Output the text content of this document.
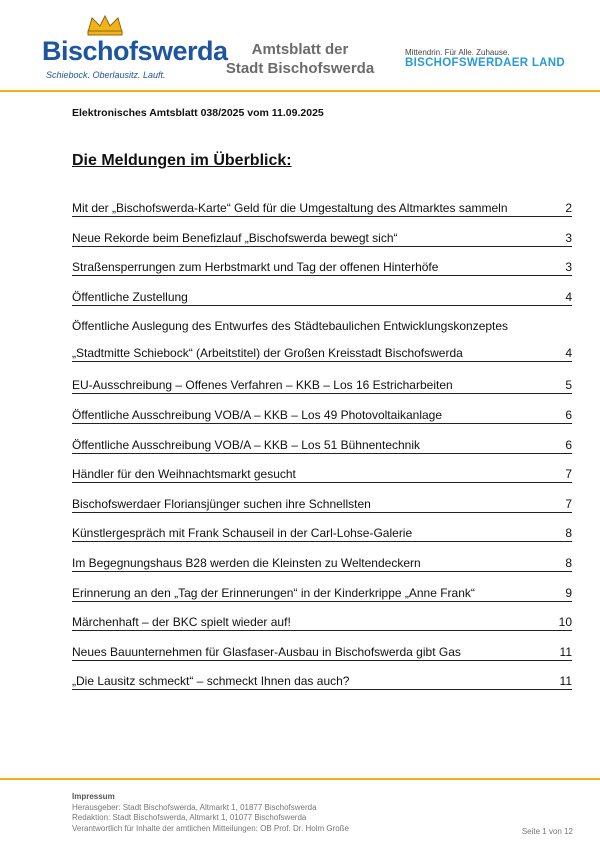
Bischofswerda
Schiebock. Oberlausitz. Lauft.
Amtsblatt der
Stadt Bischofswerda
Mittendrin. Für Alle. Zuhause.
BISCHOFSWERDAER LAND
Elektronisches Amtsblatt 038/2025 vom 11.09.2025
Die Meldungen im Überblick:
Mit der „Bischofswerda-Karte“ Geld für die Umgestaltung des Altmarktes sammeln	2
Neue Rekorde beim Benefizlauf „Bischofswerda bewegt sich“	3
Straßensperrungen zum Herbstmarkt und Tag der offenen Hinterhöfe	3
Öffentliche Zustellung	4
Öffentliche Auslegung des Entwurfes des Städtebaulichen Entwicklungskonzeptes
„Stadtmitte Schiebock“ (Arbeitstitel) der Großen Kreisstadt Bischofswerda	4
EU-Ausschreibung – Offenes Verfahren – KKB – Los 16 Estricharbeiten	5
Öffentliche Ausschreibung VOB/A – KKB – Los 49 Photovoltaikanlage	6
Öffentliche Ausschreibung VOB/A – KKB – Los 51 Bühnentechnik	6
Händler für den Weihnachtsmarkt gesucht	7
Bischofswerdaer Floriansjünger suchen ihre Schnellsten	7
Künstlergespräch mit Frank Schauseil in der Carl-Lohse-Galerie	8
Im Begegnungshaus B28 werden die Kleinsten zu Weltendeckern	8
Erinnerung an den „Tag der Erinnerungen“ in der Kinderkrippe „Anne Frank“	9
Märchenhaft – der BKC spielt wieder auf!	10
Neues Bauunternehmen für Glasfaser-Ausbau in Bischofswerda gibt Gas	11
„Die Lausitz schmeckt“ – schmeckt Ihnen das auch?	11
Impressum
Herausgeber: Stadt Bischofswerda, Altmarkt 1, 01877 Bischofswerda
Redaktion: Stadt Bischofswerda, Altmarkt 1, 01077 Bischofswerda
Verantwortlich für Inhalte der amtlichen Mitteilungen: OB Prof. Dr. Holm Große	Seite 1 von 12
